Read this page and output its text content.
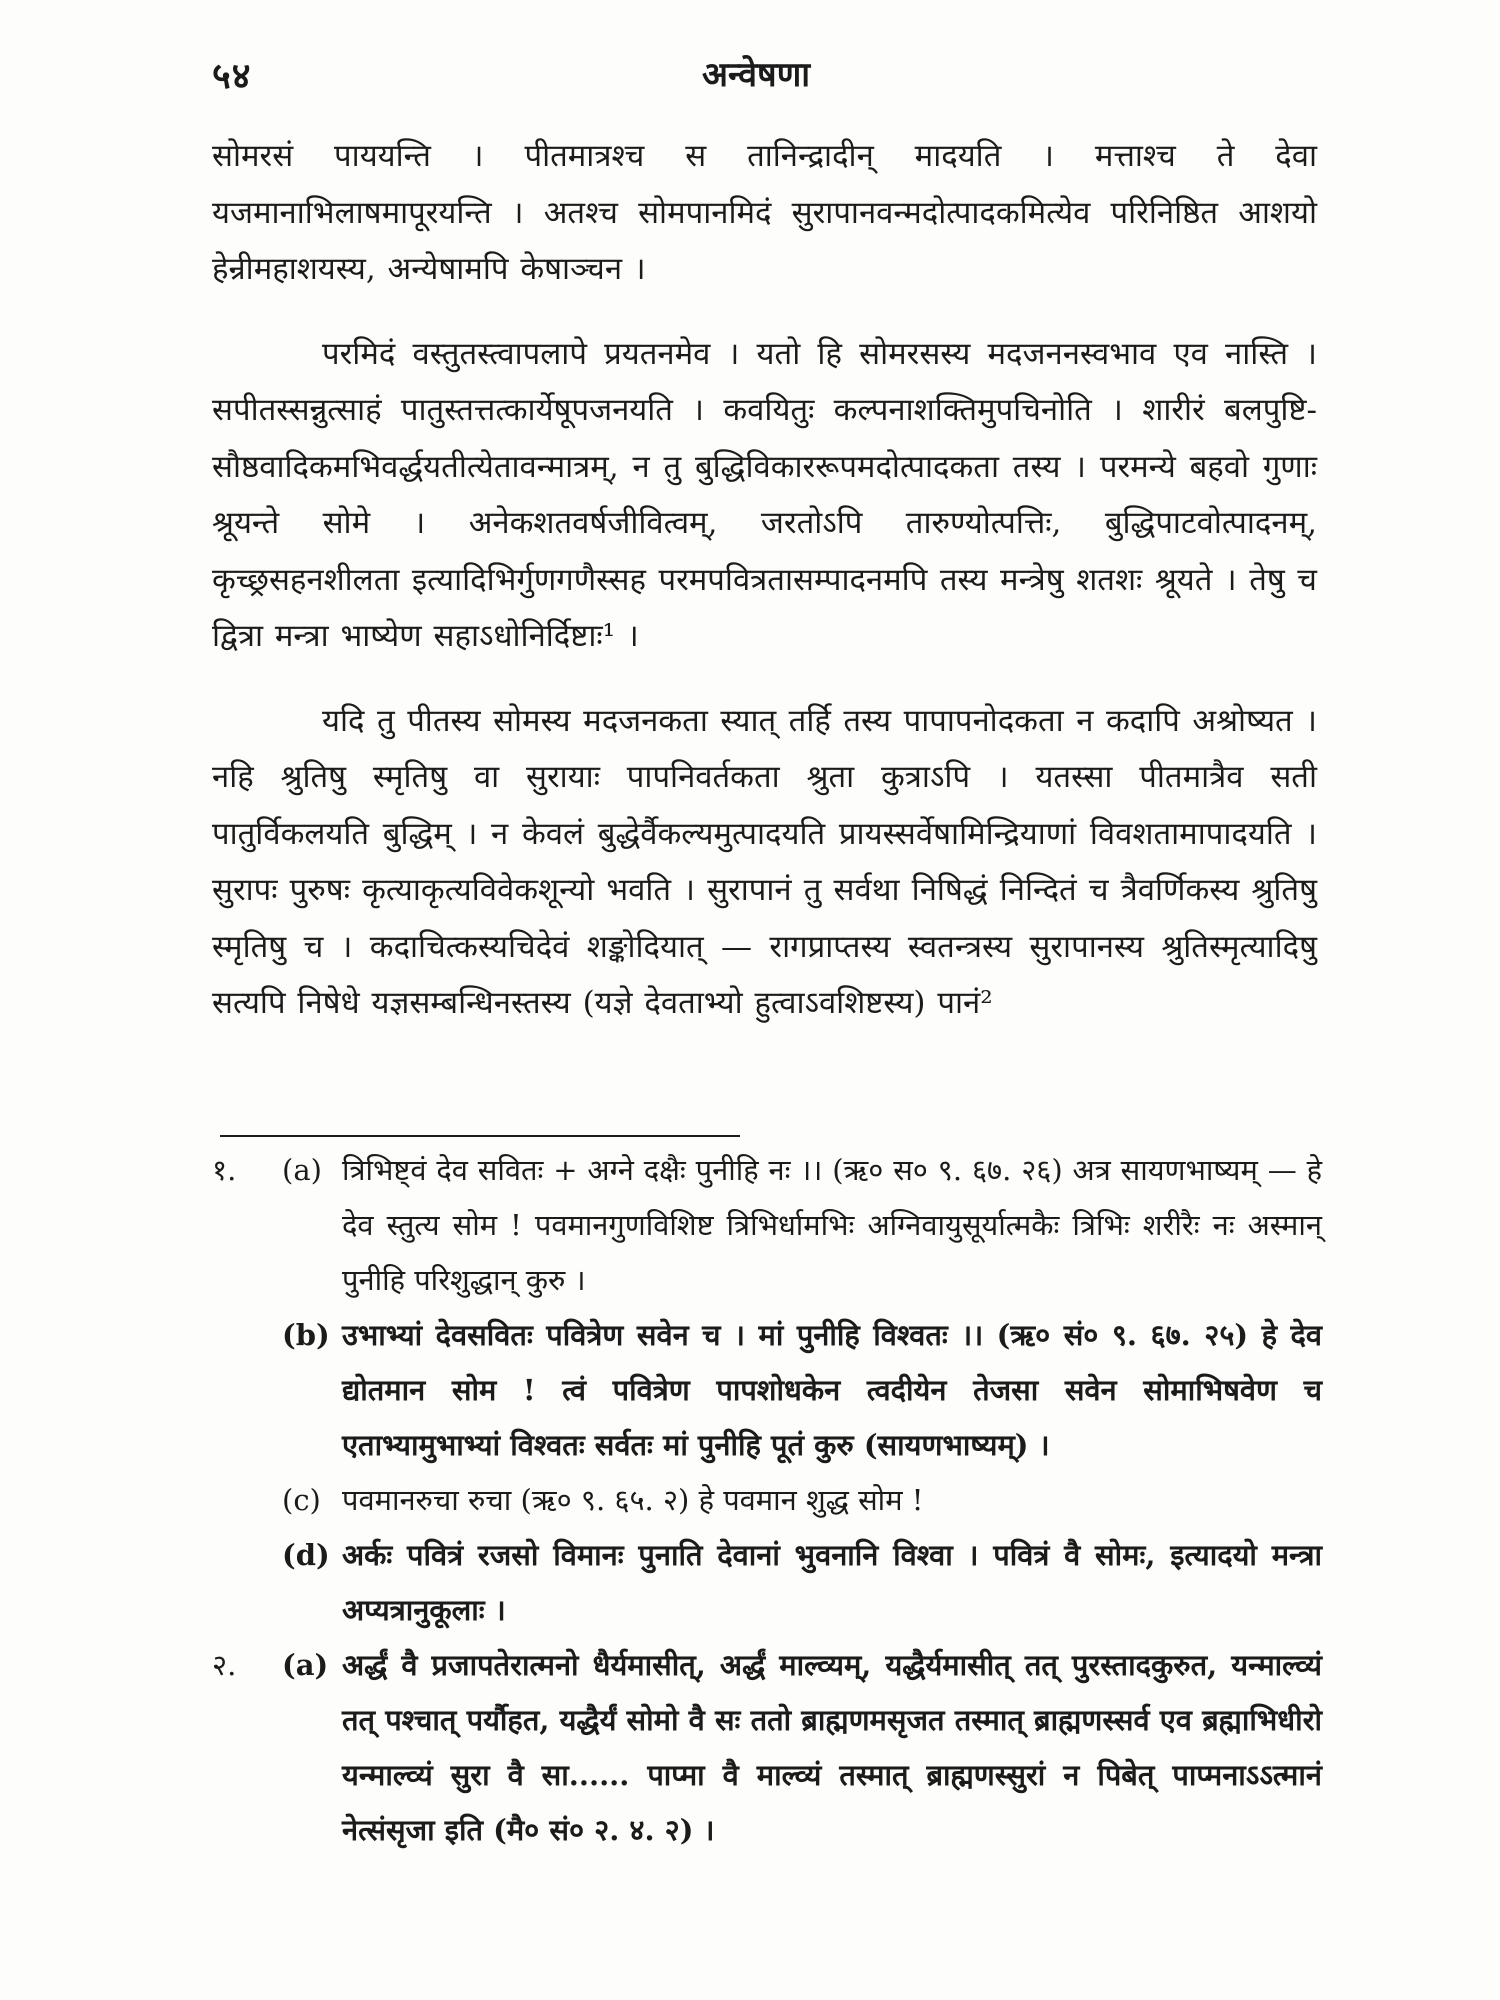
५४	अन्वेषणा

सोमरसं पाययन्ति । पीतमात्रश्च स तानिन्द्रादीन् मादयति । मत्ताश्च ते देवा यजमानाभिलाषमापूरयन्ति । अतश्च सोमपानमिदं सुरापानवन्मदोत्पादकमित्येव परिनिष्ठित आशयो हेन्रीमहाशयस्य, अन्येषामपि केषाञ्चन ।

परमिदं वस्तुतस्त्वापलापे प्रयतनमेव । यतो हि सोमरसस्य मदजननस्वभाव एव नास्ति । सपीतस्सन्नुत्साहं पातुस्तत्तत्कार्येषूपजनयति । कवयितुः कल्पनाशक्तिमुपचिनोति । शारीरं बलपुष्टि-सौष्ठवादिकमभिवर्द्धयतीत्येतावन्मात्रम्, न तु बुद्धिविकाररूपमदोत्पादकता तस्य । परमन्ये बहवो गुणाः श्रूयन्ते सोमे । अनेकशतवर्षजीवित्वम्, जरतोऽपि तारुण्योत्पत्तिः, बुद्धिपाटवोत्पादनम्, कृच्छ्रसहनशीलता इत्यादिभिर्गुणगणैस्सह परमपवित्रतासम्पादनमपि तस्य मन्त्रेषु शतशः श्रूयते । तेषु च द्वित्रा मन्त्रा भाष्येण सहाऽधोनिर्दिष्टाः¹ ।

यदि तु पीतस्य सोमस्य मदजनकता स्यात् तर्हि तस्य पापापनोदकता न कदापि अश्रोष्यत । नहि श्रुतिषु स्मृतिषु वा सुरायाः पापनिवर्तकता श्रुता कुत्राऽपि । यतस्सा पीतमात्रैव सती पातुर्विकलयति बुद्धिम् । न केवलं बुद्धेर्वैकल्यमुत्पादयति प्रायस्सर्वेषामिन्द्रियाणां विवशतामापादयति । सुरापः पुरुषः कृत्याकृत्यविवेकशून्यो भवति । सुरापानं तु सर्वथा निषिद्धं निन्दितं च त्रैवर्णिकस्य श्रुतिषु स्मृतिषु च । कदाचित्कस्यचिदेवं शङ्कोदियात् — रागप्राप्तस्य स्वतन्त्रस्य सुरापानस्य श्रुतिस्मृत्यादिषु सत्यपि निषेधे यज्ञसम्बन्धिनस्तस्य (यज्ञे देवताभ्यो हुत्वाऽवशिष्टस्य) पानं²

१. (a) त्रिभिष्ट्वं देव सवितः + अग्ने दक्षैः पुनीहि नः ।। (ऋ० स० ९. ६७. २६) अत्र सायणभाष्यम् — हे देव स्तुत्य सोम ! पवमानगुणविशिष्ट त्रिभिर्धामभिः अग्निवायुसूर्यात्मकैः त्रिभिः शरीरैः नः अस्मान् पुनीहि परिशुद्धान् कुरु ।
(b) उभाभ्यां देवसवितः पवित्रेण सवेन च । मां पुनीहि विश्वतः ।। (ऋ० सं० ९. ६७. २५) हे देव द्योतमान सोम ! त्वं पवित्रेण पापशोधकेन त्वदीयेन तेजसा सवेन सोमाभिषवेण च एताभ्यामुभाभ्यां विश्वतः सर्वतः मां पुनीहि पूतं कुरु (सायणभाष्यम्) ।
(c) पवमानरुचा रुचा (ऋ० ९. ६५. २) हे पवमान शुद्ध सोम !
(d) अर्कः पवित्रं रजसो विमानः पुनाति देवानां भुवनानि विश्वा । पवित्रं वै सोमः, इत्यादयो मन्त्रा अप्यत्रानुकूलाः ।
२. (a) अर्द्धं वै प्रजापतेरात्मनो धैर्यमासीत्, अर्द्धं माल्व्यम्, यद्धैर्यमासीत् तत् पुरस्तादकुरुत, यन्माल्व्यं तत् पश्चात् पर्यौहत, यद्धैर्यं सोमो वै सः ततो ब्राह्मणमसृजत तस्मात् ब्राह्मणस्सर्व एव ब्रह्माभिधीरो यन्माल्व्यं सुरा वै सा...... पाप्मा वै माल्व्यं तस्मात् ब्राह्मणस्सुरां न पिबेत् पाप्मनाऽऽत्मानं नेत्संसृजा इति (मै० सं० २. ४. २) ।
